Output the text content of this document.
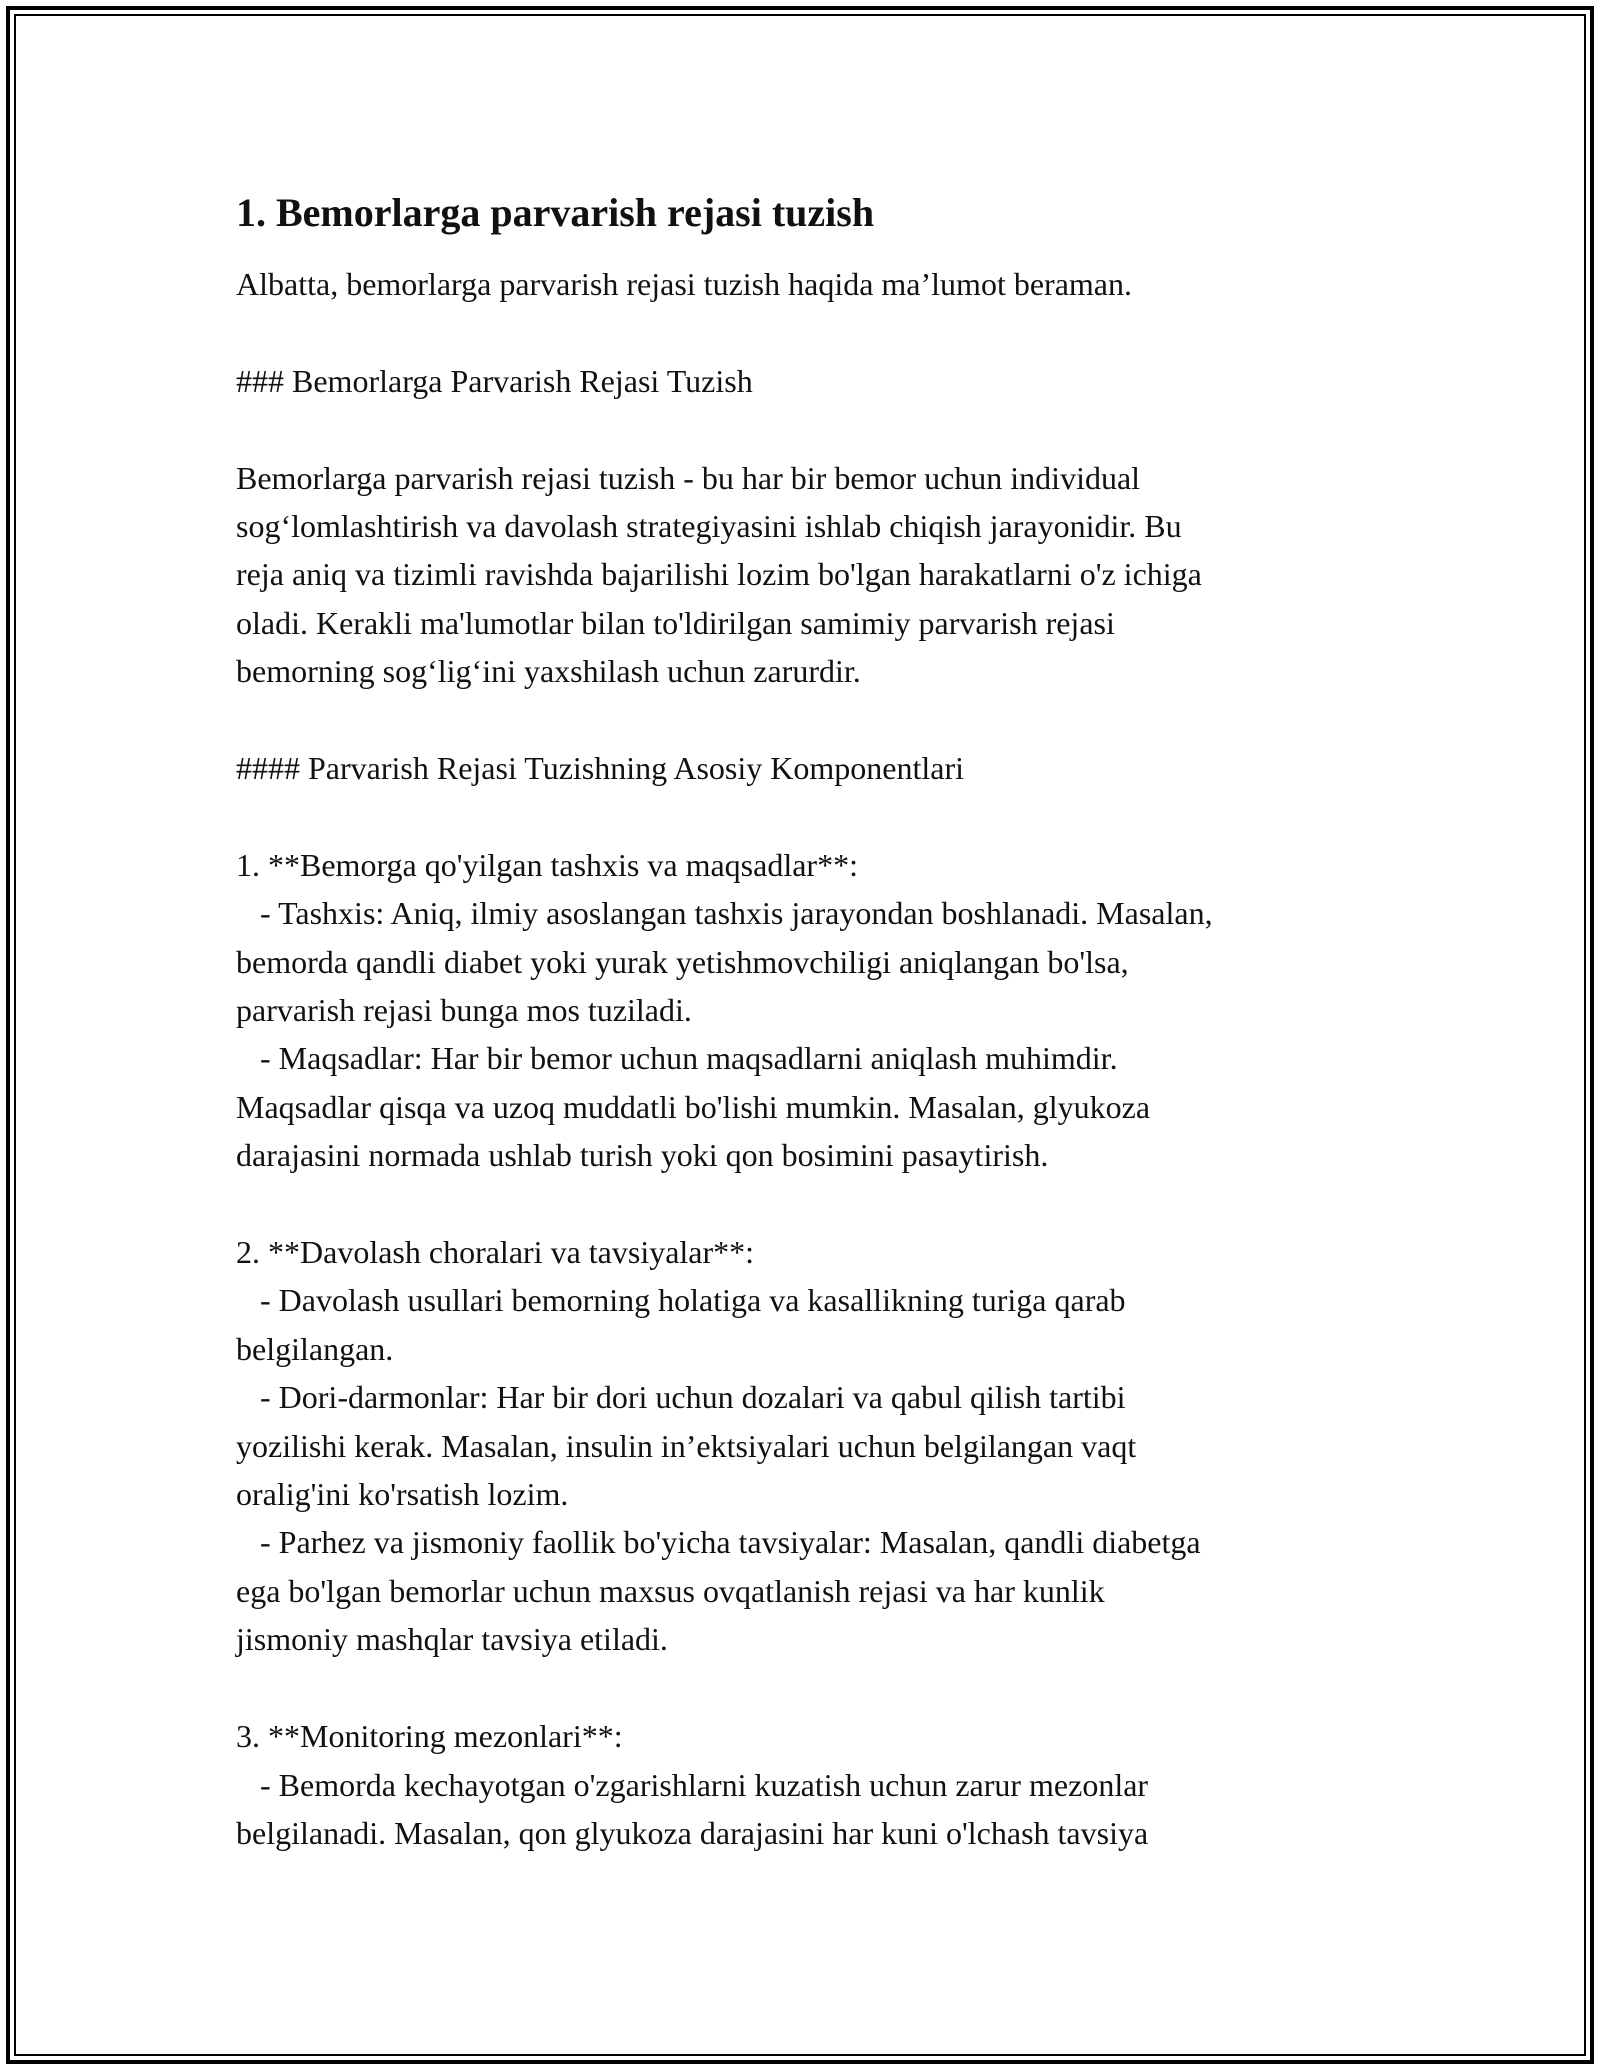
1. Bemorlarga parvarish rejasi tuzish
Albatta, bemorlarga parvarish rejasi tuzish haqida ma’lumot beraman.
### Bemorlarga Parvarish Rejasi Tuzish
Bemorlarga parvarish rejasi tuzish - bu har bir bemor uchun individual
sog‘lomlashtirish va davolash strategiyasini ishlab chiqish jarayonidir. Bu
reja aniq va tizimli ravishda bajarilishi lozim bo'lgan harakatlarni o'z ichiga
oladi. Kerakli ma'lumotlar bilan to'ldirilgan samimiy parvarish rejasi
bemorning sog‘lig‘ini yaxshilash uchun zarurdir.
#### Parvarish Rejasi Tuzishning Asosiy Komponentlari
1. **Bemorga qo'yilgan tashxis va maqsadlar**:
- Tashxis: Aniq, ilmiy asoslangan tashxis jarayondan boshlanadi. Masalan,
bemorda qandli diabet yoki yurak yetishmovchiligi aniqlangan bo'lsa,
parvarish rejasi bunga mos tuziladi.
- Maqsadlar: Har bir bemor uchun maqsadlarni aniqlash muhimdir.
Maqsadlar qisqa va uzoq muddatli bo'lishi mumkin. Masalan, glyukoza
darajasini normada ushlab turish yoki qon bosimini pasaytirish.
2. **Davolash choralari va tavsiyalar**:
- Davolash usullari bemorning holatiga va kasallikning turiga qarab
belgilangan.
- Dori-darmonlar: Har bir dori uchun dozalari va qabul qilish tartibi
yozilishi kerak. Masalan, insulin in’ektsiyalari uchun belgilangan vaqt
oralig'ini ko'rsatish lozim.
- Parhez va jismoniy faollik bo'yicha tavsiyalar: Masalan, qandli diabetga
ega bo'lgan bemorlar uchun maxsus ovqatlanish rejasi va har kunlik
jismoniy mashqlar tavsiya etiladi.
3. **Monitoring mezonlari**:
- Bemorda kechayotgan o'zgarishlarni kuzatish uchun zarur mezonlar
belgilanadi. Masalan, qon glyukoza darajasini har kuni o'lchash tavsiya
